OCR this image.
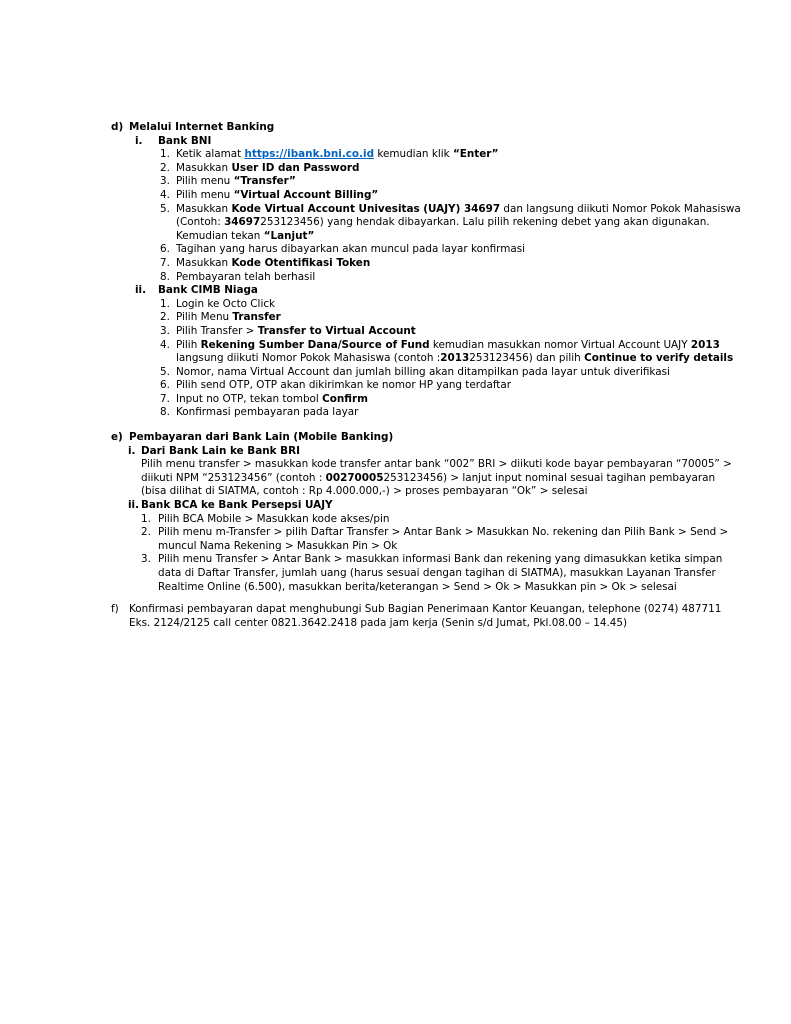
d) Melalui Internet Banking
i. Bank BNI
1. Ketik alamat https://ibank.bni.co.id kemudian klik “Enter”
2. Masukkan User ID dan Password
3. Pilih menu “Transfer”
4. Pilih menu “Virtual Account Billing”
5. Masukkan Kode Virtual Account Univesitas (UAJY) 34697 dan langsung diikuti Nomor Pokok Mahasiswa
(Contoh: 34697253123456) yang hendak dibayarkan. Lalu pilih rekening debet yang akan digunakan.
Kemudian tekan “Lanjut”
6. Tagihan yang harus dibayarkan akan muncul pada layar konfirmasi
7. Masukkan Kode Otentifikasi Token
8. Pembayaran telah berhasil
ii. Bank CIMB Niaga
1. Login ke Octo Click
2. Pilih Menu Transfer
3. Pilih Transfer > Transfer to Virtual Account
4. Pilih Rekening Sumber Dana/Source of Fund kemudian masukkan nomor Virtual Account UAJY 2013
langsung diikuti Nomor Pokok Mahasiswa (contoh :2013253123456) dan pilih Continue to verify details
5. Nomor, nama Virtual Account dan jumlah billing akan ditampilkan pada layar untuk diverifikasi
6. Pilih send OTP, OTP akan dikirimkan ke nomor HP yang terdaftar
7. Input no OTP, tekan tombol Confirm
8. Konfirmasi pembayaran pada layar
e) Pembayaran dari Bank Lain (Mobile Banking)
i. Dari Bank Lain ke Bank BRI
Pilih menu transfer > masukkan kode transfer antar bank “002” BRI > diikuti kode bayar pembayaran “70005” >
diikuti NPM “253123456” (contoh : 00270005253123456) > lanjut input nominal sesuai tagihan pembayaran
(bisa dilihat di SIATMA, contoh : Rp 4.000.000,-) > proses pembayaran “Ok” > selesai
ii. Bank BCA ke Bank Persepsi UAJY
1. Pilih BCA Mobile > Masukkan kode akses/pin
2. Pilih menu m-Transfer > pilih Daftar Transfer > Antar Bank > Masukkan No. rekening dan Pilih Bank > Send >
muncul Nama Rekening > Masukkan Pin > Ok
3. Pilih menu Transfer > Antar Bank > masukkan informasi Bank dan rekening yang dimasukkan ketika simpan
data di Daftar Transfer, jumlah uang (harus sesuai dengan tagihan di SIATMA), masukkan Layanan Transfer
Realtime Online (6.500), masukkan berita/keterangan > Send > Ok > Masukkan pin > Ok > selesai
f) Konfirmasi pembayaran dapat menghubungi Sub Bagian Penerimaan Kantor Keuangan, telephone (0274) 487711
Eks. 2124/2125 call center 0821.3642.2418 pada jam kerja (Senin s/d Jumat, Pkl.08.00 – 14.45)
